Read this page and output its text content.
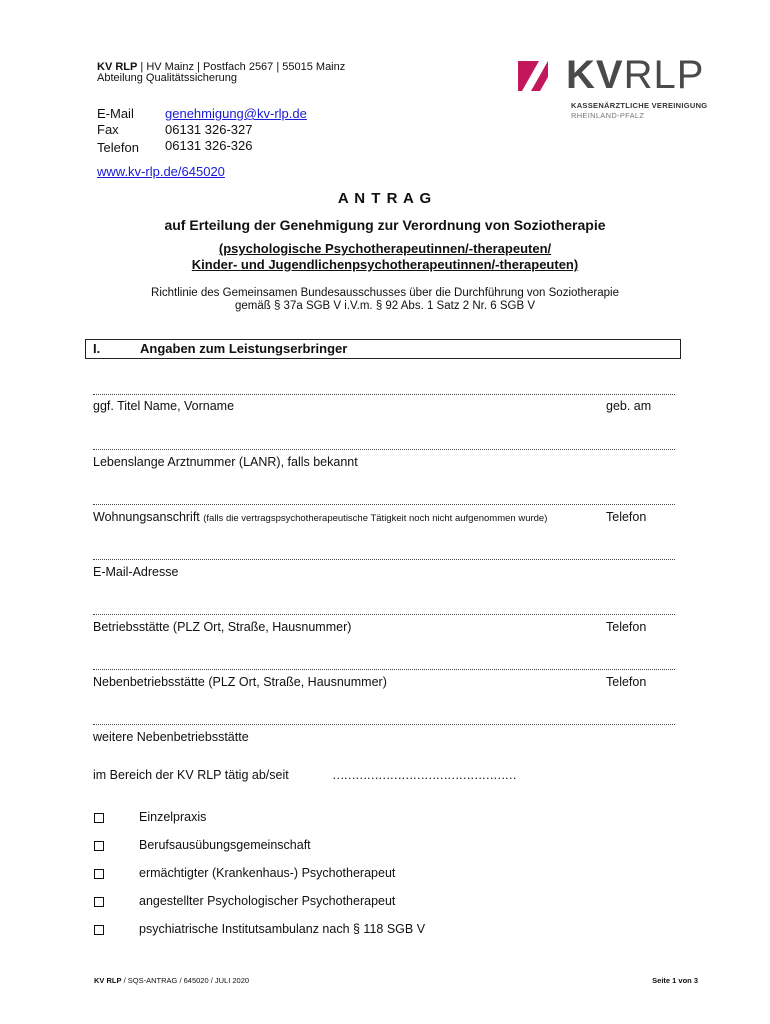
KV RLP | HV Mainz | Postfach 2567 | 55015 Mainz
Abteilung Qualitätssicherung
E-Mail genehmigung@kv-rlp.de
Fax	06131 326-327
Telefon 06131 326-326
www.kv-rlp.de/645020
KVRLP
KASSENÄRZTLICHE VEREINIGUNG
RHEINLAND-PFALZ
A N T R A G
auf Erteilung der Genehmigung zur Verordnung von Soziotherapie
(psychologische Psychotherapeutinnen/-therapeuten/
Kinder- und Jugendlichenpsychotherapeutinnen/-therapeuten)
Richtlinie des Gemeinsamen Bundesausschusses über die Durchführung von Soziotherapie
gemäß § 37a SGB V i.V.m. § 92 Abs. 1 Satz 2 Nr. 6 SGB V
I.	Angaben zum Leistungserbringer
ggf. Titel Name, Vorname	geb. am
Lebenslange Arztnummer (LANR), falls bekannt
Wohnungsanschrift (falls die vertragspsychotherapeutische Tätigkeit noch nicht aufgenommen wurde)	Telefon
E-Mail-Adresse
Betriebsstätte (PLZ Ort, Straße, Hausnummer)	Telefon
Nebenbetriebsstätte (PLZ Ort, Straße, Hausnummer)	Telefon
weitere Nebenbetriebsstätte
im Bereich der KV RLP tätig ab/seit	…………………………………………
Einzelpraxis
Berufsausübungsgemeinschaft
ermächtigter (Krankenhaus-) Psychotherapeut
angestellter Psychologischer Psychotherapeut
psychiatrische Institutsambulanz nach § 118 SGB V
KV RLP / SQS-ANTRAG / 645020 / JULI 2020	Seite 1 von 3
